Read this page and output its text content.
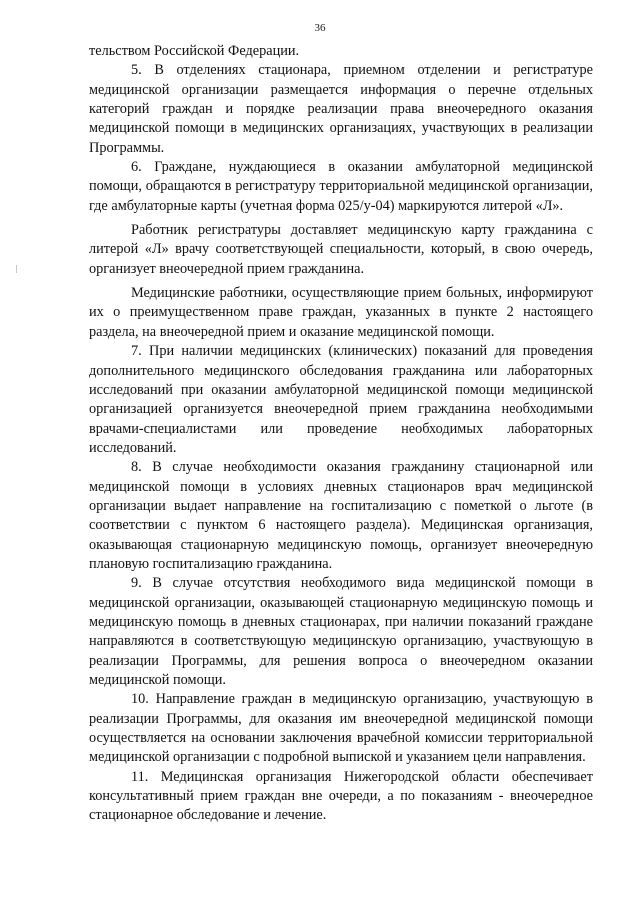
36

тельством Российской Федерации.

5. В отделениях стационара, приемном отделении и регистратуре медицинской организации размещается информация о перечне отдельных категорий граждан и порядке реализации права внеочередного оказания медицинской помощи в медицинских организациях, участвующих в реализации Программы.

6. Граждане, нуждающиеся в оказании амбулаторной медицинской помощи, обращаются в регистратуру территориальной медицинской организации, где амбулаторные карты (учетная форма 025/у-04) маркируются литерой «Л».

Работник регистратуры доставляет медицинскую карту гражданина с литерой «Л» врачу соответствующей специальности, который, в свою очередь, организует внеочередной прием гражданина.

Медицинские работники, осуществляющие прием больных, информируют их о преимущественном праве граждан, указанных в пункте 2 настоящего раздела, на внеочередной прием и оказание медицинской помощи.

7. При наличии медицинских (клинических) показаний для проведения дополнительного медицинского обследования гражданина или лабораторных исследований при оказании амбулаторной медицинской помощи медицинской организацией организуется внеочередной прием гражданина необходимыми врачами-специалистами или проведение необходимых лабораторных исследований.

8. В случае необходимости оказания гражданину стационарной или медицинской помощи в условиях дневных стационаров врач медицинской организации выдает направление на госпитализацию с пометкой о льготе (в соответствии с пунктом 6 настоящего раздела). Медицинская организация, оказывающая стационарную медицинскую помощь, организует внеочередную плановую госпитализацию гражданина.

9. В случае отсутствия необходимого вида медицинской помощи в медицинской организации, оказывающей стационарную медицинскую помощь и медицинскую помощь в дневных стационарах, при наличии показаний граждане направляются в соответствующую медицинскую организацию, участвующую в реализации Программы, для решения вопроса о внеочередном оказании медицинской помощи.

10. Направление граждан в медицинскую организацию, участвующую в реализации Программы, для оказания им внеочередной медицинской помощи осуществляется на основании заключения врачебной комиссии территориальной медицинской организации с подробной выпиской и указанием цели направления.

11. Медицинская организация Нижегородской области обеспечивает консультативный прием граждан вне очереди, а по показаниям - внеочередное стационарное обследование и лечение.
